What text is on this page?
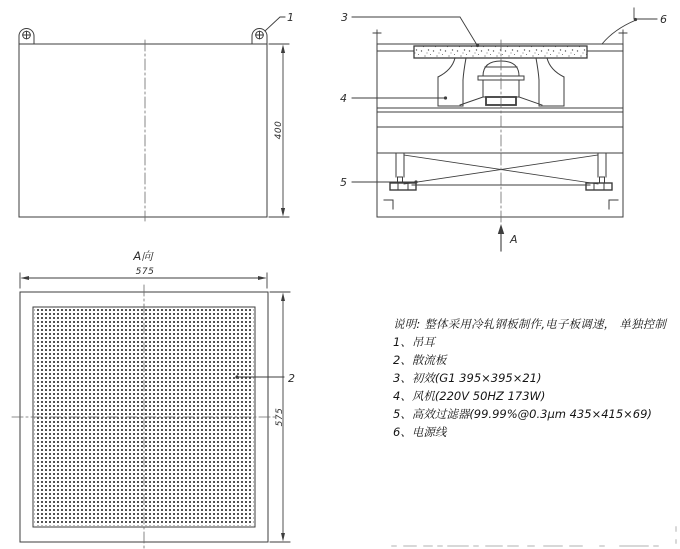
400
1
A
3	6
4
5
A向
575
2
575
说明: 整体采用冷轧钢板制作,电子板调速， 单独控制
1、吊耳
2、散流板
3、初效(G1 395×395×21)
4、风机(220V 50HZ 173W)
5、高效过滤器(99.99%@0.3μm 435×415×69)
6、电源线
